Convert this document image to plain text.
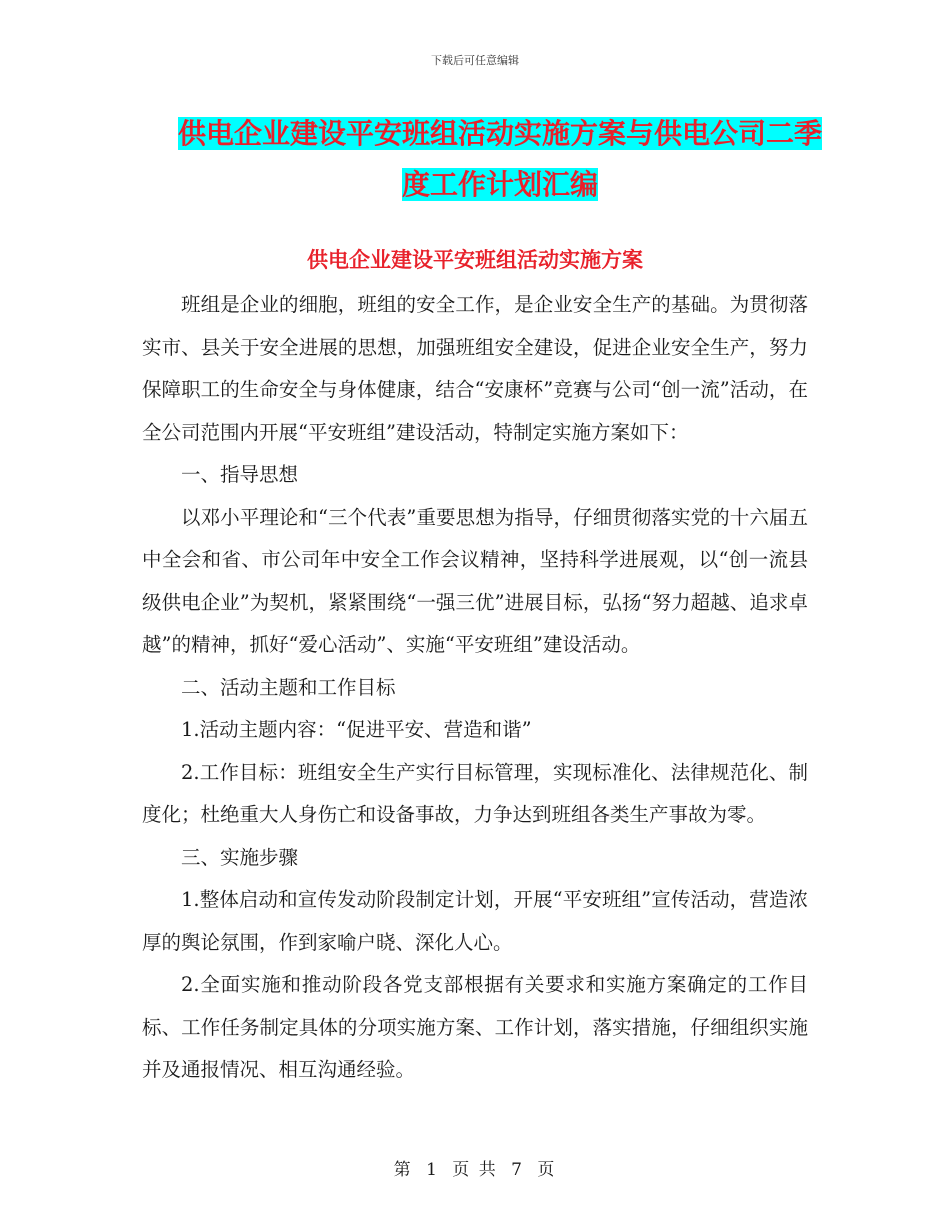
下载后可任意编辑
供电企业建设平安班组活动实施方案与供电公司二季
度工作计划汇编
供电企业建设平安班组活动实施方案

班组是企业的细胞，班组的安全工作，是企业安全生产的基础。为贯彻落实市、县关于安全进展的思想，加强班组安全建设，促进企业安全生产，努力保障职工的生命安全与身体健康，结合“安康杯”竞赛与公司“创一流”活动，在全公司范围内开展“平安班组”建设活动，特制定实施方案如下：

一、指导思想

以邓小平理论和“三个代表”重要思想为指导，仔细贯彻落实党的十六届五中全会和省、市公司年中安全工作会议精神，坚持科学进展观，以“创一流县级供电企业”为契机，紧紧围绕“一强三优”进展目标，弘扬“努力超越、追求卓越”的精神，抓好“爱心活动”、实施“平安班组”建设活动。

二、活动主题和工作目标

1.活动主题内容：“促进平安、营造和谐”

2.工作目标：班组安全生产实行目标管理，实现标准化、法律规范化、制度化；杜绝重大人身伤亡和设备事故，力争达到班组各类生产事故为零。

三、实施步骤

1.整体启动和宣传发动阶段制定计划，开展“平安班组”宣传活动，营造浓厚的舆论氛围，作到家喻户晓、深化人心。

2.全面实施和推动阶段各党支部根据有关要求和实施方案确定的工作目标、工作任务制定具体的分项实施方案、工作计划，落实措施，仔细组织实施并及通报情况、相互沟通经验。

第 1 页 共 7 页
